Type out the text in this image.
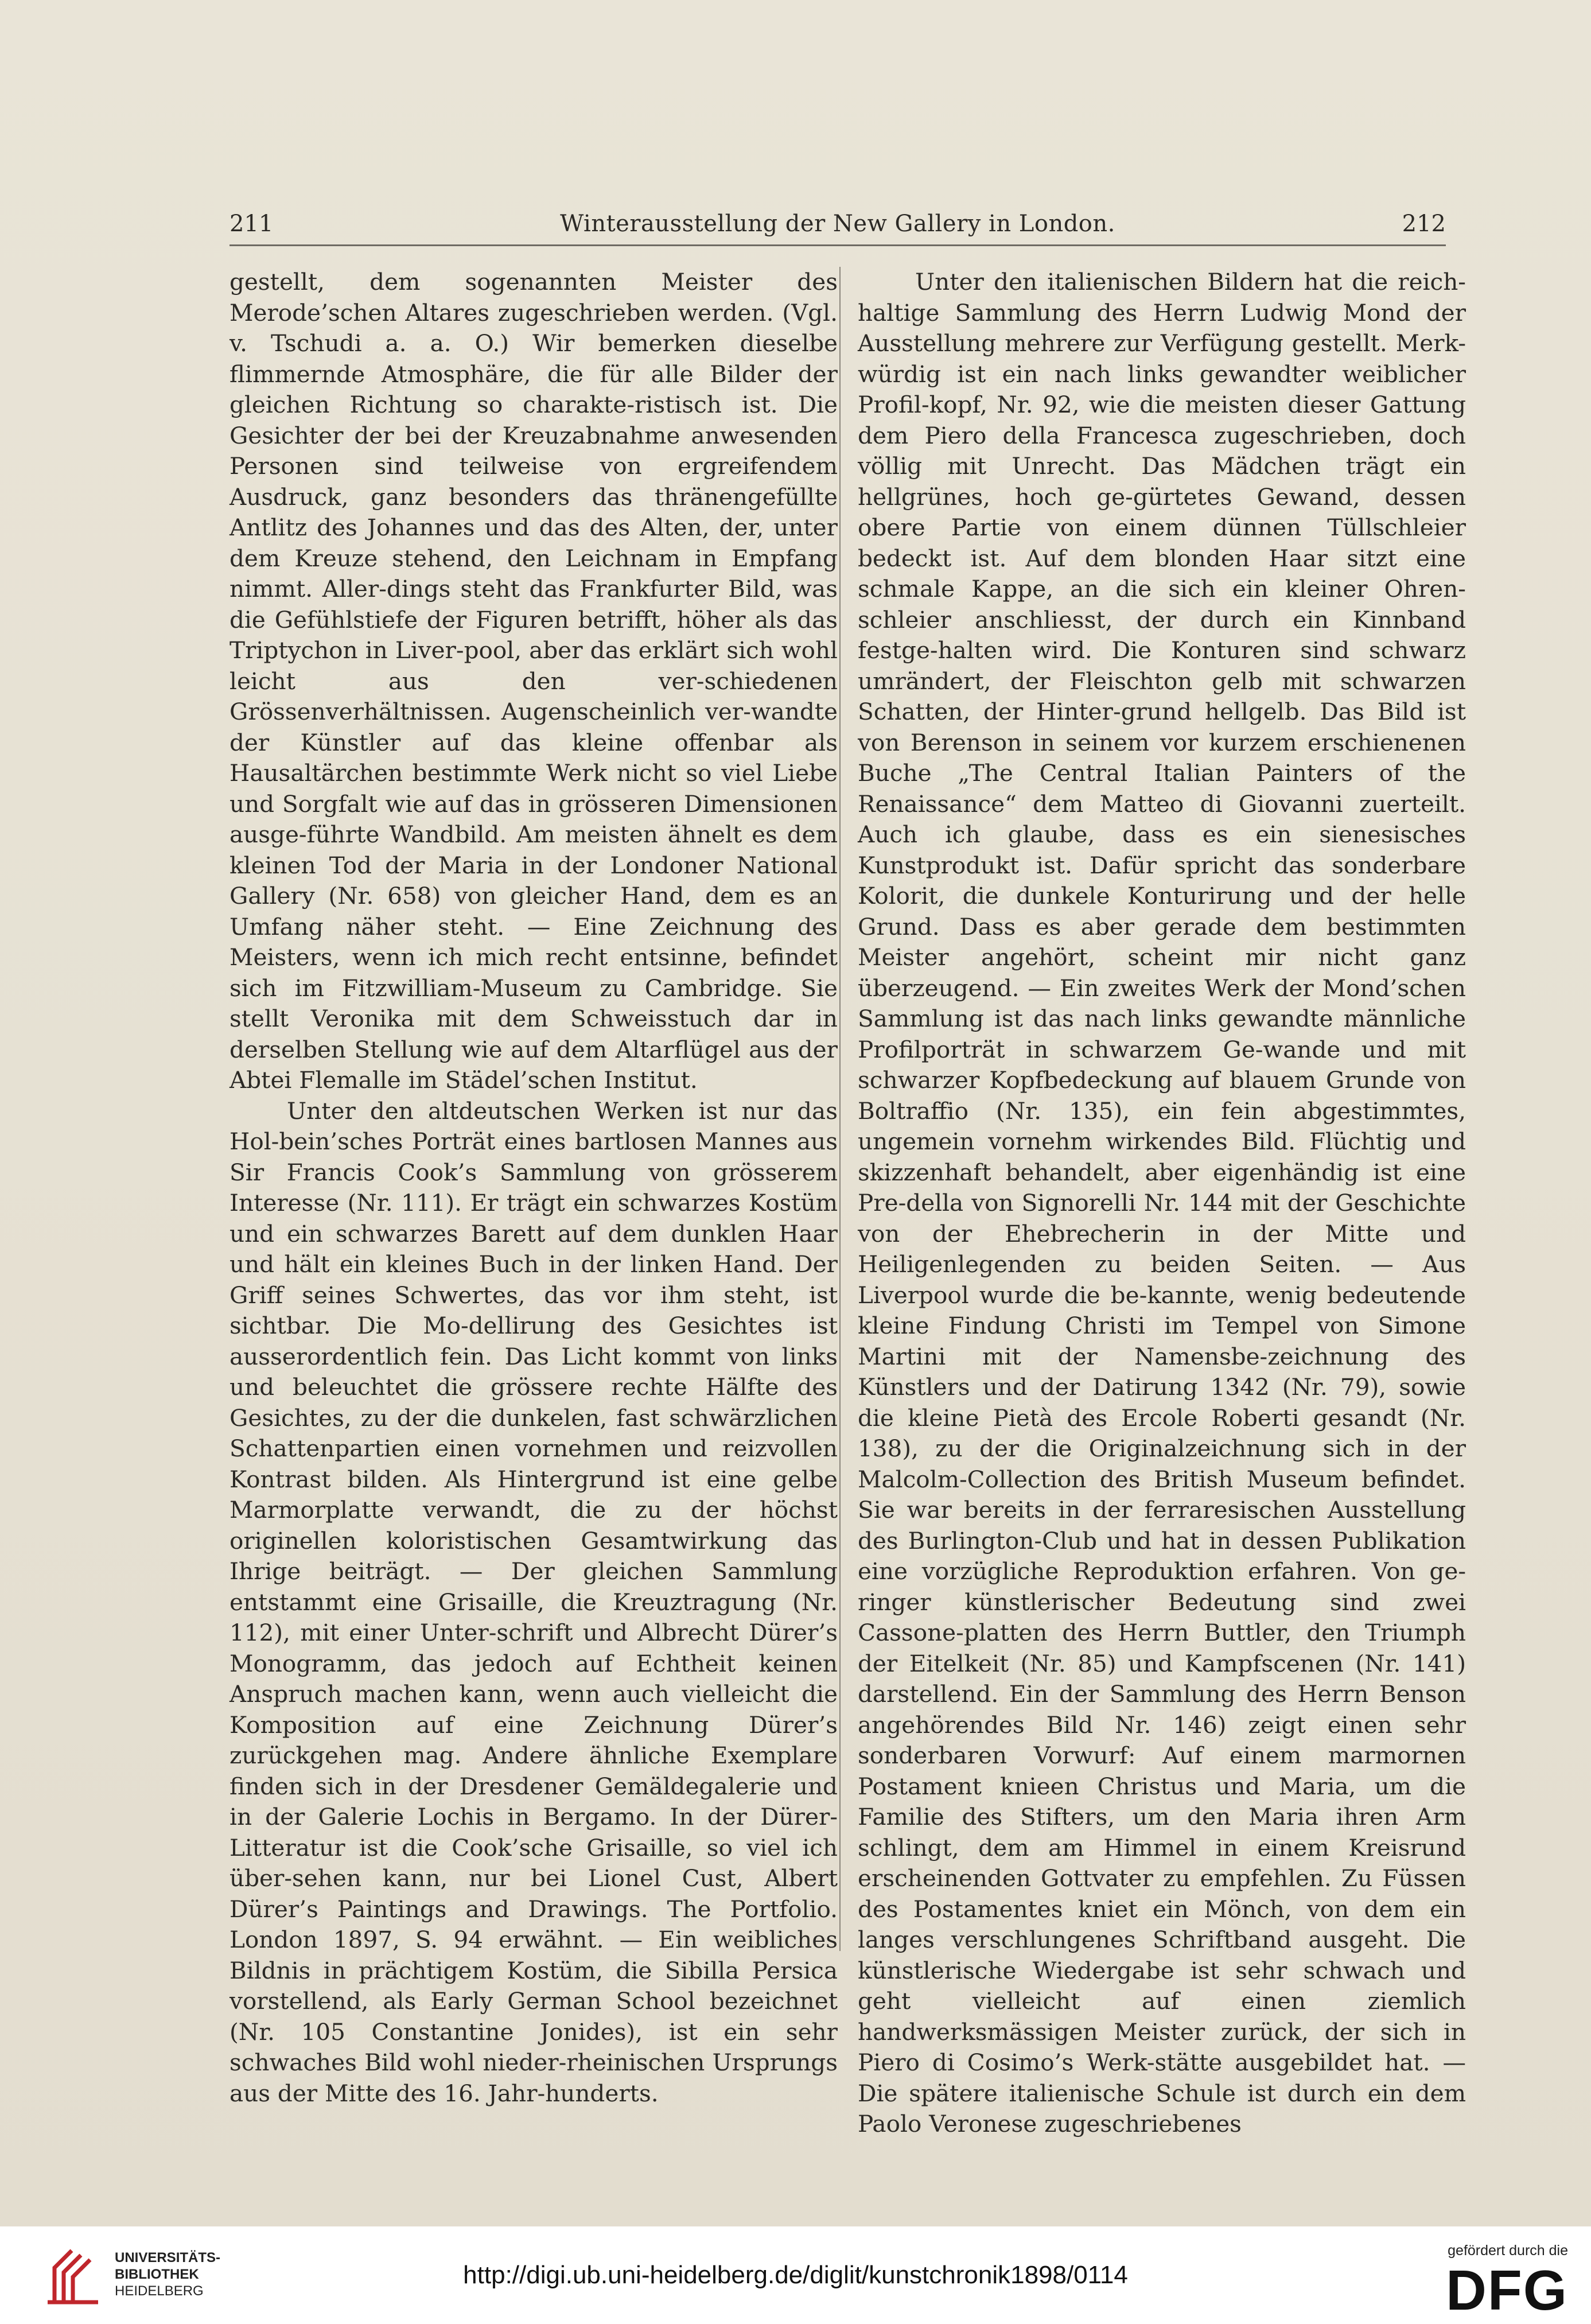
211	Winterausstellung der New Gallery in London.	212

gestellt, dem sogenannten Meister des Merode’schen Altares zugeschrieben werden. (Vgl. v. Tschudi a. a. O.) Wir bemerken dieselbe flimmernde Atmosphäre, die für alle Bilder der gleichen Richtung so charakte-ristisch ist. Die Gesichter der bei der Kreuzabnahme anwesenden Personen sind teilweise von ergreifendem Ausdruck, ganz besonders das thränengefüllte Antlitz des Johannes und das des Alten, der, unter dem Kreuze stehend, den Leichnam in Empfang nimmt. Aller-dings steht das Frankfurter Bild, was die Gefühlstiefe der Figuren betrifft, höher als das Triptychon in Liver-pool, aber das erklärt sich wohl leicht aus den ver-schiedenen Grössenverhältnissen. Augenscheinlich ver-wandte der Künstler auf das kleine offenbar als Hausaltärchen bestimmte Werk nicht so viel Liebe und Sorgfalt wie auf das in grösseren Dimensionen ausge-führte Wandbild. Am meisten ähnelt es dem kleinen Tod der Maria in der Londoner National Gallery (Nr. 658) von gleicher Hand, dem es an Umfang näher steht. — Eine Zeichnung des Meisters, wenn ich mich recht entsinne, befindet sich im Fitzwilliam-Museum zu Cambridge. Sie stellt Veronika mit dem Schweisstuch dar in derselben Stellung wie auf dem Altarflügel aus der Abtei Flemalle im Städel’schen Institut.

Unter den altdeutschen Werken ist nur das Hol-bein’sches Porträt eines bartlosen Mannes aus Sir Francis Cook’s Sammlung von grösserem Interesse (Nr. 111). Er trägt ein schwarzes Kostüm und ein schwarzes Barett auf dem dunklen Haar und hält ein kleines Buch in der linken Hand. Der Griff seines Schwertes, das vor ihm steht, ist sichtbar. Die Mo-dellirung des Gesichtes ist ausserordentlich fein. Das Licht kommt von links und beleuchtet die grössere rechte Hälfte des Gesichtes, zu der die dunkelen, fast schwärzlichen Schattenpartien einen vornehmen und reizvollen Kontrast bilden. Als Hintergrund ist eine gelbe Marmorplatte verwandt, die zu der höchst originellen koloristischen Gesamtwirkung das Ihrige beiträgt. — Der gleichen Sammlung entstammt eine Grisaille, die Kreuztragung (Nr. 112), mit einer Unter-schrift und Albrecht Dürer’s Monogramm, das jedoch auf Echtheit keinen Anspruch machen kann, wenn auch vielleicht die Komposition auf eine Zeichnung Dürer’s zurückgehen mag. Andere ähnliche Exemplare finden sich in der Dresdener Gemäldegalerie und in der Galerie Lochis in Bergamo. In der Dürer-Litteratur ist die Cook’sche Grisaille, so viel ich über-sehen kann, nur bei Lionel Cust, Albert Dürer’s Paintings and Drawings. The Portfolio. London 1897, S. 94 erwähnt. — Ein weibliches Bildnis in prächtigem Kostüm, die Sibilla Persica vorstellend, als Early German School bezeichnet (Nr. 105 Constantine Jonides), ist ein sehr schwaches Bild wohl nieder-rheinischen Ursprungs aus der Mitte des 16. Jahr-hunderts.

Unter den italienischen Bildern hat die reich-haltige Sammlung des Herrn Ludwig Mond der Ausstellung mehrere zur Verfügung gestellt. Merk-würdig ist ein nach links gewandter weiblicher Profil-kopf, Nr. 92, wie die meisten dieser Gattung dem Piero della Francesca zugeschrieben, doch völlig mit Unrecht. Das Mädchen trägt ein hellgrünes, hoch ge-gürtetes Gewand, dessen obere Partie von einem dünnen Tüllschleier bedeckt ist. Auf dem blonden Haar sitzt eine schmale Kappe, an die sich ein kleiner Ohren-schleier anschliesst, der durch ein Kinnband festge-halten wird. Die Konturen sind schwarz umrändert, der Fleischton gelb mit schwarzen Schatten, der Hinter-grund hellgelb. Das Bild ist von Berenson in seinem vor kurzem erschienenen Buche „The Central Italian Painters of the Renaissance“ dem Matteo di Giovanni zuerteilt. Auch ich glaube, dass es ein sienesisches Kunstprodukt ist. Dafür spricht das sonderbare Kolorit, die dunkele Konturirung und der helle Grund. Dass es aber gerade dem bestimmten Meister angehört, scheint mir nicht ganz überzeugend. — Ein zweites Werk der Mond’schen Sammlung ist das nach links gewandte männliche Profilporträt in schwarzem Ge-wande und mit schwarzer Kopfbedeckung auf blauem Grunde von Boltraffio (Nr. 135), ein fein abgestimmtes, ungemein vornehm wirkendes Bild. Flüchtig und skizzenhaft behandelt, aber eigenhändig ist eine Pre-della von Signorelli Nr. 144 mit der Geschichte von der Ehebrecherin in der Mitte und Heiligenlegenden zu beiden Seiten. — Aus Liverpool wurde die be-kannte, wenig bedeutende kleine Findung Christi im Tempel von Simone Martini mit der Namensbe-zeichnung des Künstlers und der Datirung 1342 (Nr. 79), sowie die kleine Pietà des Ercole Roberti gesandt (Nr. 138), zu der die Originalzeichnung sich in der Malcolm-Collection des British Museum befindet. Sie war bereits in der ferraresischen Ausstellung des Burlington-Club und hat in dessen Publikation eine vorzügliche Reproduktion erfahren. Von ge-ringer künstlerischer Bedeutung sind zwei Cassone-platten des Herrn Buttler, den Triumph der Eitelkeit (Nr. 85) und Kampfscenen (Nr. 141) darstellend. Ein der Sammlung des Herrn Benson angehörendes Bild Nr. 146) zeigt einen sehr sonderbaren Vorwurf: Auf einem marmornen Postament knieen Christus und Maria, um die Familie des Stifters, um den Maria ihren Arm schlingt, dem am Himmel in einem Kreisrund erscheinenden Gottvater zu empfehlen. Zu Füssen des Postamentes kniet ein Mönch, von dem ein langes verschlungenes Schriftband ausgeht. Die künstlerische Wiedergabe ist sehr schwach und geht vielleicht auf einen ziemlich handwerksmässigen Meister zurück, der sich in Piero di Cosimo’s Werk-stätte ausgebildet hat. — Die spätere italienische Schule ist durch ein dem Paolo Veronese zugeschriebenes

UNIVERSITÄTS-
BIBLIOTHEK
HEIDELBERG
http://digi.ub.uni-heidelberg.de/diglit/kunstchronik1898/0114
gefördert durch die
DFG
